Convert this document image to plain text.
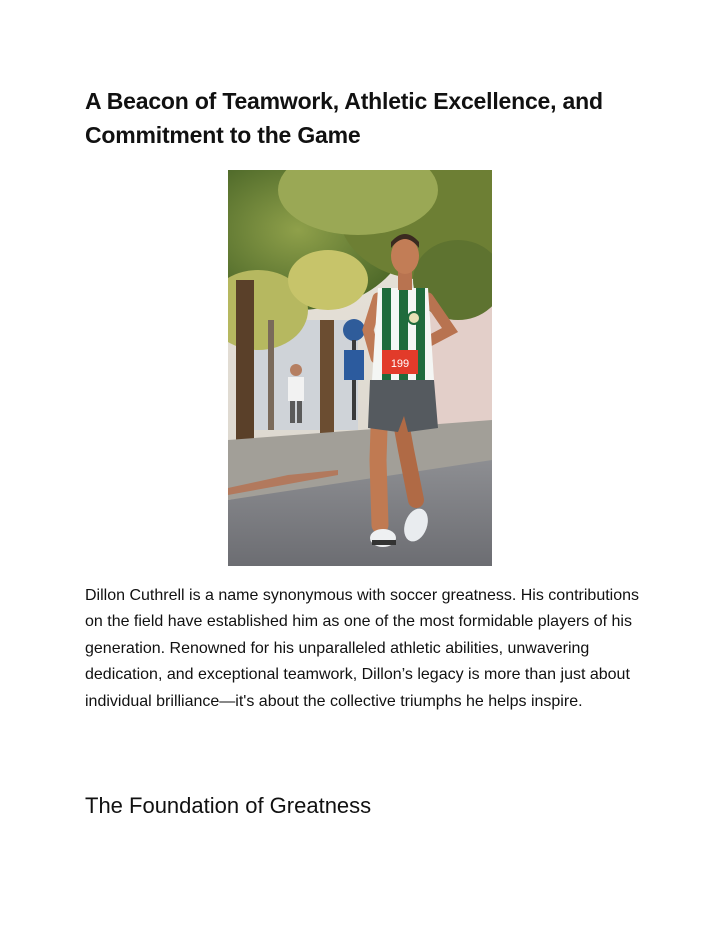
A Beacon of Teamwork, Athletic Excellence, and Commitment to the Game
199

Dillon Cuthrell is a name synonymous with soccer greatness. His contributions on the field have established him as one of the most formidable players of his generation. Renowned for his unparalleled athletic abilities, unwavering dedication, and exceptional teamwork, Dillon’s legacy is more than just about individual brilliance—it's about the collective triumphs he helps inspire.

The Foundation of Greatness
